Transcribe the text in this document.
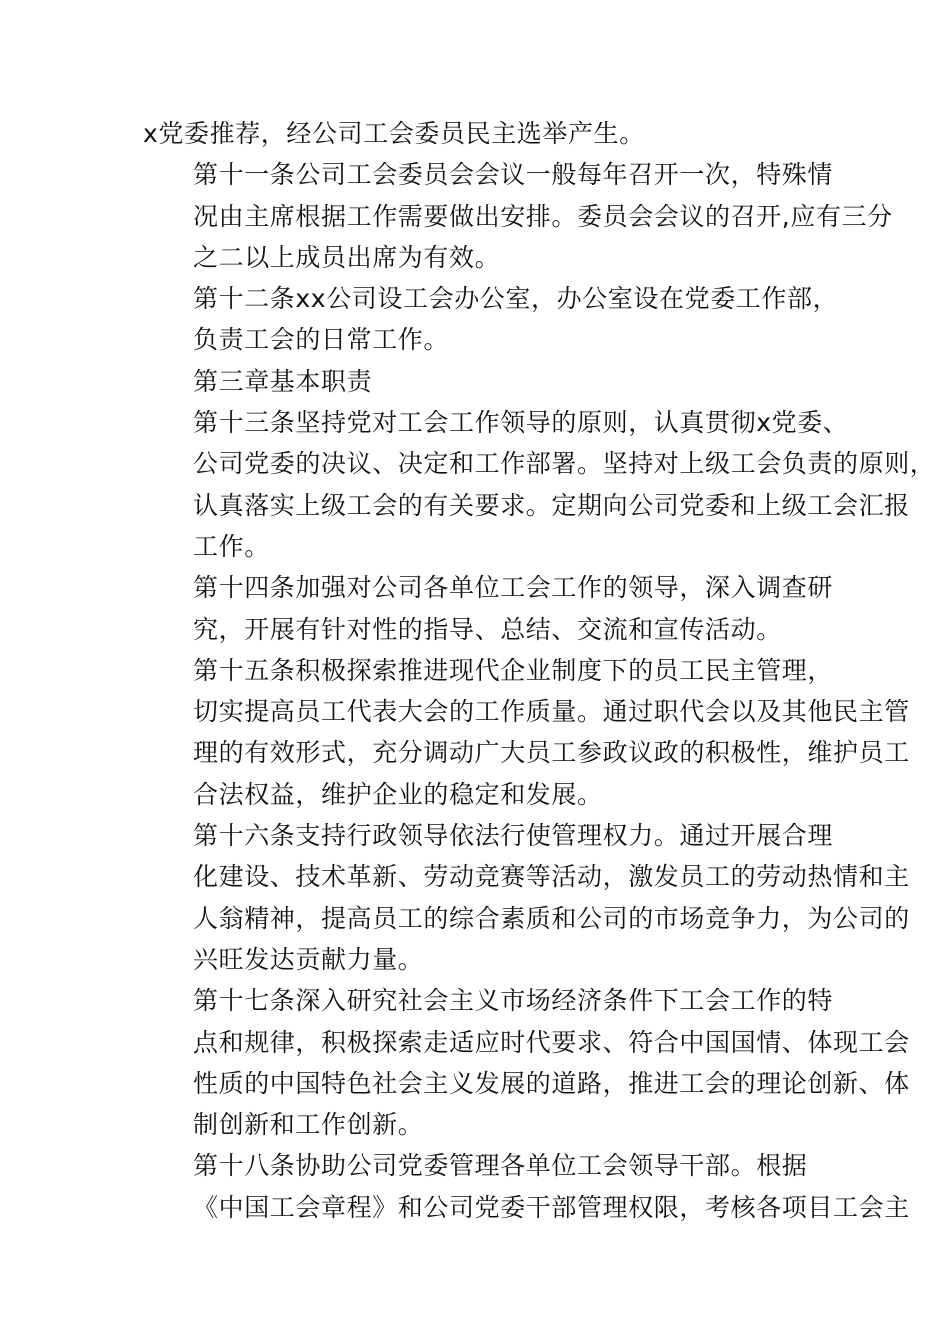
x党委推荐，经公司工会委员民主选举产生。

第十一条公司工会委员会会议一般每年召开一次，特殊情
况由主席根据工作需要做出安排。委员会会议的召开,应有三分
之二以上成员出席为有效。

第十二条xx公司设工会办公室，办公室设在党委工作部，
负责工会的日常工作。

第三章基本职责

第十三条坚持党对工会工作领导的原则，认真贯彻x党委、
公司党委的决议、决定和工作部署。坚持对上级工会负责的原则，
认真落实上级工会的有关要求。定期向公司党委和上级工会汇报
工作。

第十四条加强对公司各单位工会工作的领导，深入调查研
究，开展有针对性的指导、总结、交流和宣传活动。

第十五条积极探索推进现代企业制度下的员工民主管理，
切实提高员工代表大会的工作质量。通过职代会以及其他民主管
理的有效形式，充分调动广大员工参政议政的积极性，维护员工
合法权益，维护企业的稳定和发展。

第十六条支持行政领导依法行使管理权力。通过开展合理
化建设、技术革新、劳动竞赛等活动，激发员工的劳动热情和主
人翁精神，提高员工的综合素质和公司的市场竞争力，为公司的
兴旺发达贡献力量。

第十七条深入研究社会主义市场经济条件下工会工作的特
点和规律，积极探索走适应时代要求、符合中国国情、体现工会
性质的中国特色社会主义发展的道路，推进工会的理论创新、体
制创新和工作创新。

第十八条协助公司党委管理各单位工会领导干部。根据
《中国工会章程》和公司党委干部管理权限，考核各项目工会主
